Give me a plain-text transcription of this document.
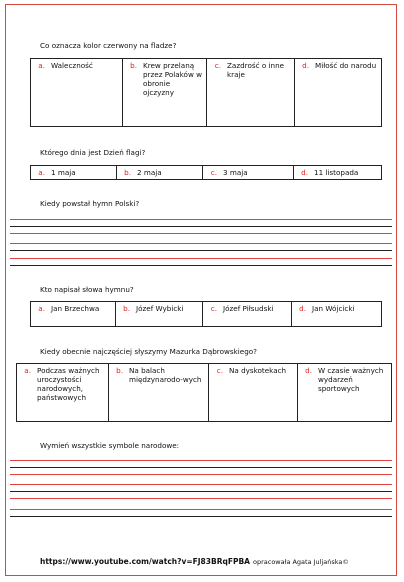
Co oznacza kolor czerwony na fladze?
a. Waleczność	b. Krew przelaną przez Polaków w obronie ojczyzny

c. Zazdrość o inne kraje

d. Miłość do narodu
Którego dnia jest Dzień flagi?
a. 1 maja	b. 2 maja	c. 3 maja	d. 11 listopada
Kiedy powstał hymn Polski?
Kto napisał słowa hymnu?
a. Jan Brzechwa	b. Józef Wybicki	c. Józef Piłsudski	d. Jan Wójcicki
Kiedy obecnie najczęściej słyszymy Mazurka Dąbrowskiego?
a. Podczas ważnych uroczystości narodowych, państwowych

b. Na balach międzynarodo-wych

c. Na dyskotekach	d. W czasie ważnych wydarzeń sportowych
Wymień wszystkie symbole narodowe:
https://www.youtube.com/watch?v=FJ83BRqFPBA opracowała Agata Juljańska©
